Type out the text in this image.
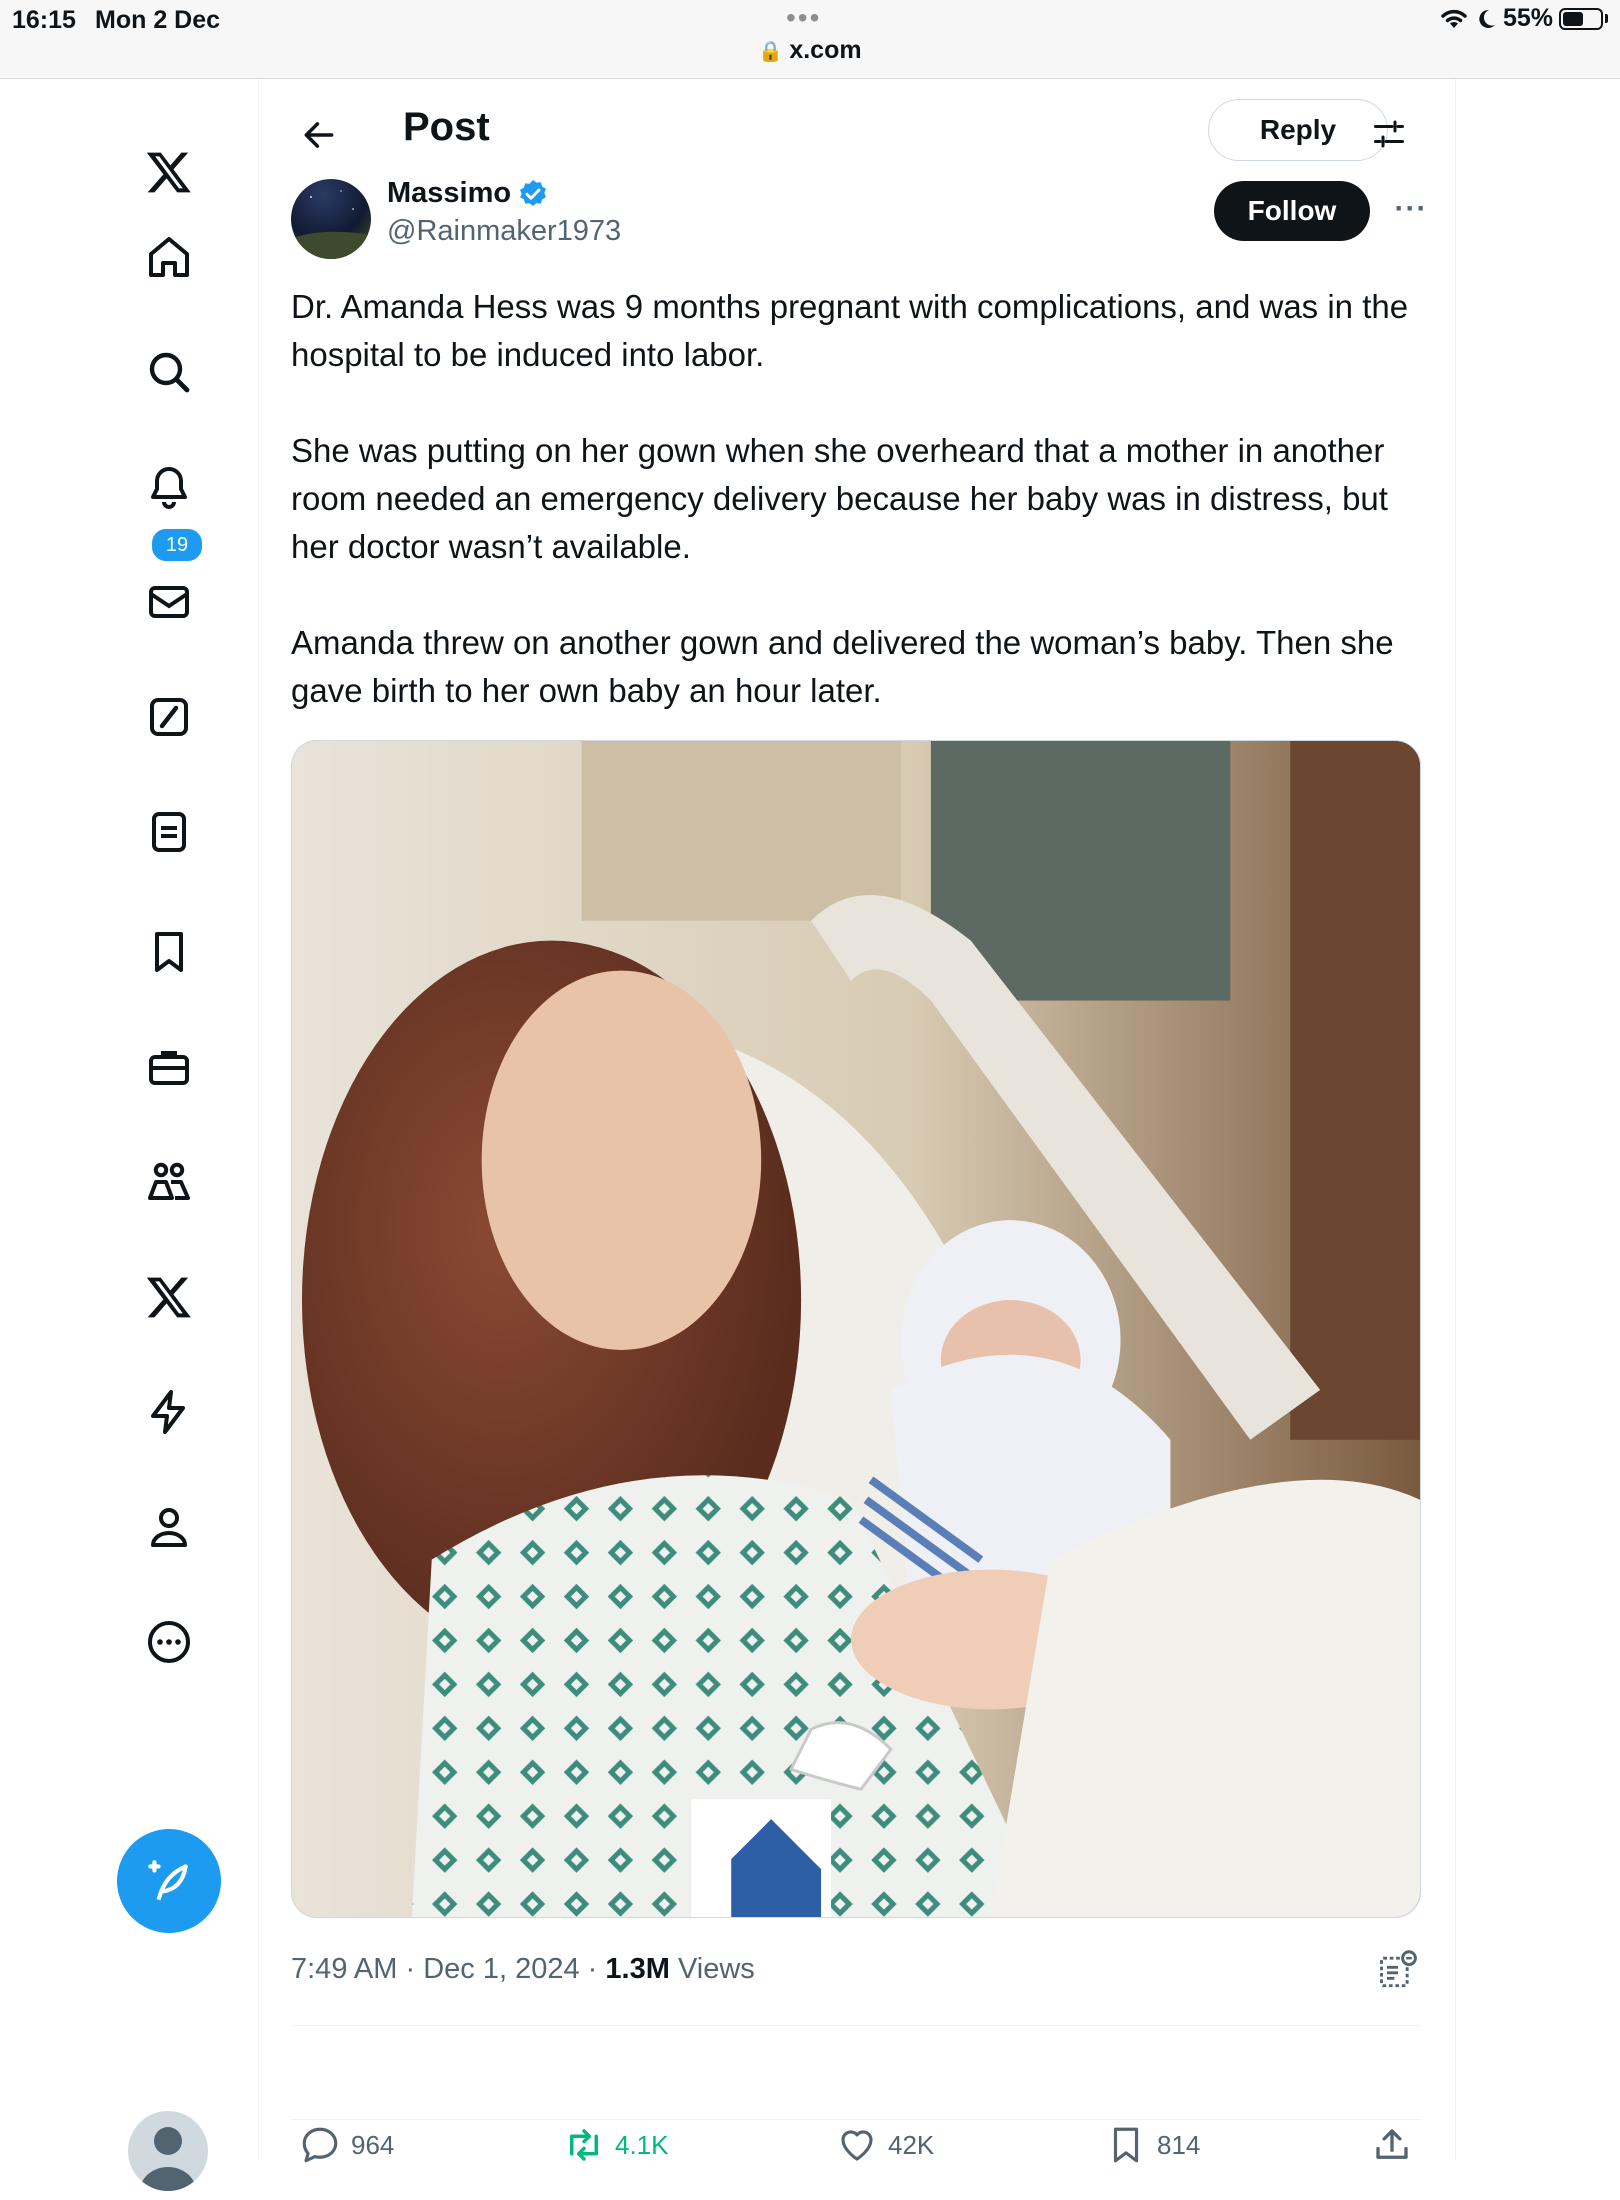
16:15 Mon 2 Dec	•••
🔒 x.com
55%
19
Post	Reply
Massimo
@Rainmaker1973
Follow	···

Dr. Amanda Hess was 9 months pregnant with complications, and was in the hospital to be induced into labor.

She was putting on her gown when she overheard that a mother in another room needed an emergency delivery because her baby was in distress, but her doctor wasn’t available.

Amanda threw on another gown and delivered the woman’s baby. Then she gave birth to her own baby an hour later.

7:49 AM · Dec 1, 2024 · 1.3M Views
964	4.1K	42K	814
